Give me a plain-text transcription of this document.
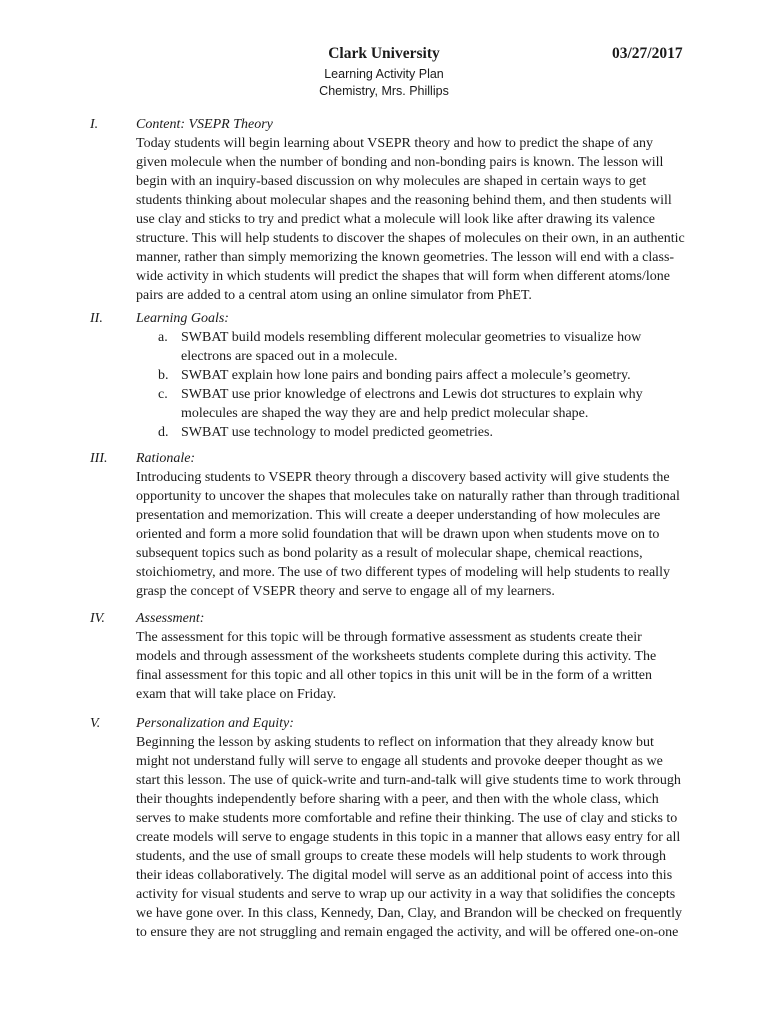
Clark University	03/27/2017
Learning Activity Plan
Chemistry, Mrs. Phillips
I.	Content: VSEPR Theory

Today students will begin learning about VSEPR theory and how to predict the shape of any
given molecule when the number of bonding and non-bonding pairs is known. The lesson will
begin with an inquiry-based discussion on why molecules are shaped in certain ways to get
students thinking about molecular shapes and the reasoning behind them, and then students will
use clay and sticks to try and predict what a molecule will look like after drawing its valence
structure. This will help students to discover the shapes of molecules on their own, in an authentic
manner, rather than simply memorizing the known geometries. The lesson will end with a class-
wide activity in which students will predict the shapes that will form when different atoms/lone
pairs are added to a central atom using an online simulator from PhET.

II. Learning Goals:
a. SWBAT build models resembling different molecular geometries to visualize how
electrons are spaced out in a molecule.
b. SWBAT explain how lone pairs and bonding pairs affect a molecule’s geometry.
c. SWBAT use prior knowledge of electrons and Lewis dot structures to explain why
molecules are shaped the way they are and help predict molecular shape.
d. SWBAT use technology to model predicted geometries.
III. Rationale:

Introducing students to VSEPR theory through a discovery based activity will give students the
opportunity to uncover the shapes that molecules take on naturally rather than through traditional
presentation and memorization. This will create a deeper understanding of how molecules are
oriented and form a more solid foundation that will be drawn upon when students move on to
subsequent topics such as bond polarity as a result of molecular shape, chemical reactions,
stoichiometry, and more. The use of two different types of modeling will help students to really
grasp the concept of VSEPR theory and serve to engage all of my learners.

IV. Assessment:

The assessment for this topic will be through formative assessment as students create their
models and through assessment of the worksheets students complete during this activity. The
final assessment for this topic and all other topics in this unit will be in the form of a written
exam that will take place on Friday.

V.	Personalization and Equity:

Beginning the lesson by asking students to reflect on information that they already know but
might not understand fully will serve to engage all students and provoke deeper thought as we
start this lesson. The use of quick-write and turn-and-talk will give students time to work through
their thoughts independently before sharing with a peer, and then with the whole class, which
serves to make students more comfortable and refine their thinking. The use of clay and sticks to
create models will serve to engage students in this topic in a manner that allows easy entry for all
students, and the use of small groups to create these models will help students to work through
their ideas collaboratively. The digital model will serve as an additional point of access into this
activity for visual students and serve to wrap up our activity in a way that solidifies the concepts
we have gone over. In this class, Kennedy, Dan, Clay, and Brandon will be checked on frequently
to ensure they are not struggling and remain engaged the activity, and will be offered one-on-one
